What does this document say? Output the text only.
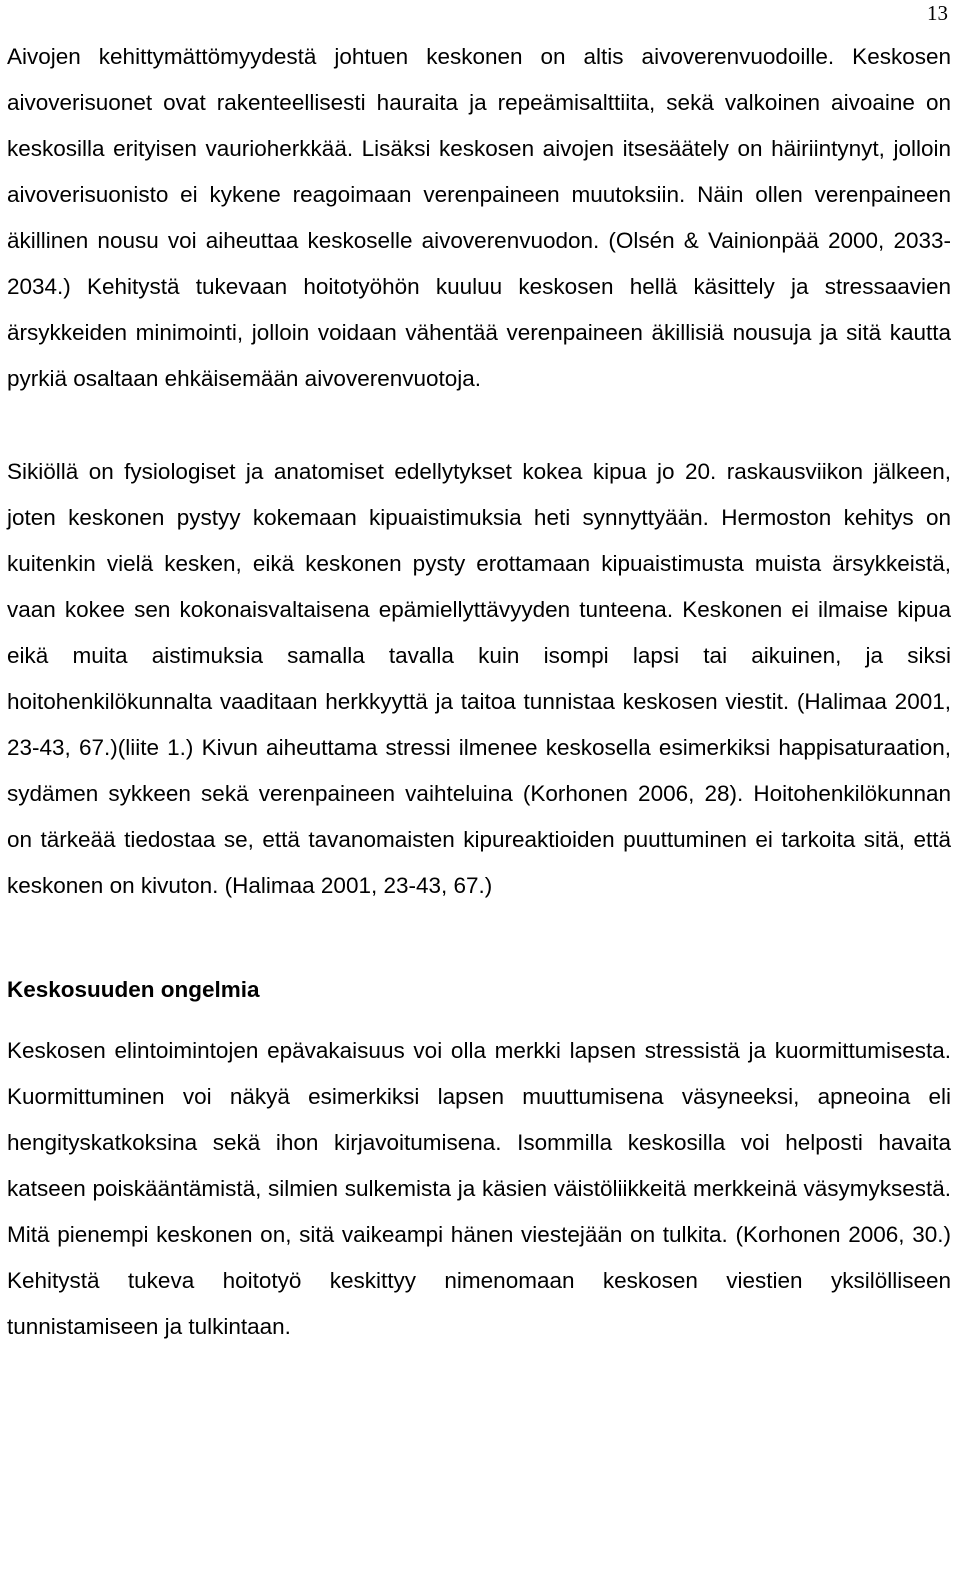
13

Aivojen kehittymättömyydestä johtuen keskonen on altis aivoverenvuodoille. Keskosen aivoverisuonet ovat rakenteellisesti hauraita ja repeämisalttiita, sekä valkoinen aivoaine on keskosilla erityisen vaurioherkkää. Lisäksi keskosen aivojen itsesäätely on häiriintynyt, jolloin aivoverisuonisto ei kykene reagoimaan verenpaineen muutoksiin. Näin ollen verenpaineen äkillinen nousu voi aiheuttaa keskoselle aivoverenvuodon. (Olsén & Vainionpää 2000, 2033-2034.) Kehitystä tukevaan hoitotyöhön kuuluu keskosen hellä käsittely ja stressaavien ärsykkeiden minimointi, jolloin voidaan vähentää verenpaineen äkillisiä nousuja ja sitä kautta pyrkiä osaltaan ehkäisemään aivoverenvuotoja.

Sikiöllä on fysiologiset ja anatomiset edellytykset kokea kipua jo 20. raskausviikon jälkeen, joten keskonen pystyy kokemaan kipuaistimuksia heti synnyttyään. Hermoston kehitys on kuitenkin vielä kesken, eikä keskonen pysty erottamaan kipuaistimusta muista ärsykkeistä, vaan kokee sen kokonaisvaltaisena epämiellyttävyyden tunteena. Keskonen ei ilmaise kipua eikä muita aistimuksia samalla tavalla kuin isompi lapsi tai aikuinen, ja siksi hoitohenkilökunnalta vaaditaan herkkyyttä ja taitoa tunnistaa keskosen viestit. (Halimaa 2001, 23-43, 67.)(liite 1.) Kivun aiheuttama stressi ilmenee keskosella esimerkiksi happisaturaation, sydämen sykkeen sekä verenpaineen vaihteluina (Korhonen 2006, 28). Hoitohenkilökunnan on tärkeää tiedostaa se, että tavanomaisten kipureaktioiden puuttuminen ei tarkoita sitä, että keskonen on kivuton. (Halimaa 2001, 23-43, 67.)

Keskosuuden ongelmia

Keskosen elintoimintojen epävakaisuus voi olla merkki lapsen stressistä ja kuormittumisesta. Kuormittuminen voi näkyä esimerkiksi lapsen muuttumisena väsyneeksi, apneoina eli hengityskatkoksina sekä ihon kirjavoitumisena. Isommilla keskosilla voi helposti havaita katseen poiskääntämistä, silmien sulkemista ja käsien väistöliikkeitä merkkeinä väsymyksestä. Mitä pienempi keskonen on, sitä vaikeampi hänen viestejään on tulkita. (Korhonen 2006, 30.) Kehitystä tukeva hoitotyö keskittyy nimenomaan keskosen viestien yksilölliseen tunnistamiseen ja tulkintaan.
